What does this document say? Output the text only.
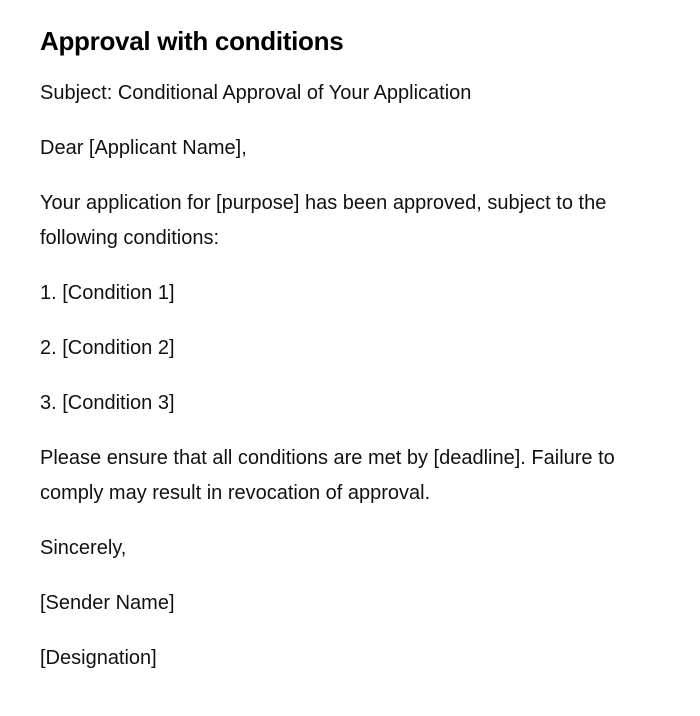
Approval with conditions

Subject: Conditional Approval of Your Application

Dear [Applicant Name],

Your application for [purpose] has been approved, subject to the following conditions:

1. [Condition 1]

2. [Condition 2]

3. [Condition 3]

Please ensure that all conditions are met by [deadline]. Failure to comply may result in revocation of approval.

Sincerely,

[Sender Name]

[Designation]
